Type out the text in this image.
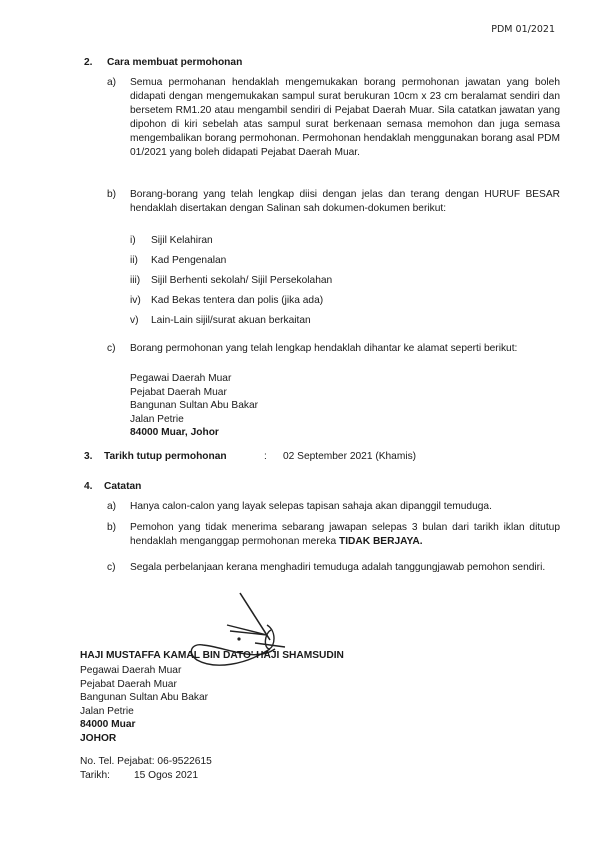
PDM 01/2021
2. Cara membuat permohonan
a) Semua permohanan hendaklah mengemukakan borang permohonan jawatan yang boleh didapati dengan mengemukakan sampul surat berukuran 10cm x 23 cm beralamat sendiri dan bersetem RM1.20 atau mengambil sendiri di Pejabat Daerah Muar. Sila catatkan jawatan yang dipohon di kiri sebelah atas sampul surat berkenaan semasa memohon dan juga semasa mengembalikan borang permohonan. Permohonan hendaklah menggunakan borang asal PDM 01/2021 yang boleh didapati Pejabat Daerah Muar.
b) Borang-borang yang telah lengkap diisi dengan jelas dan terang dengan HURUF BESAR hendaklah disertakan dengan Salinan sah dokumen-dokumen berikut:
i) Sijil Kelahiran
ii) Kad Pengenalan
iii) Sijil Berhenti sekolah/ Sijil Persekolahan
iv) Kad Bekas tentera dan polis (jika ada)
v) Lain-Lain sijil/surat akuan berkaitan
c) Borang permohonan yang telah lengkap hendaklah dihantar ke alamat seperti berikut:
Pegawai Daerah Muar
Pejabat Daerah Muar
Bangunan Sultan Abu Bakar
Jalan Petrie
84000 Muar, Johor
3. Tarikh tutup permohonan	: 02 September 2021 (Khamis)
4. Catatan
a) Hanya calon-calon yang layak selepas tapisan sahaja akan dipanggil temuduga.
b) Pemohon yang tidak menerima sebarang jawapan selepas 3 bulan dari tarikh iklan ditutup hendaklah menganggap permohonan mereka TIDAK BERJAYA.
c) Segala perbelanjaan kerana menghadiri temuduga adalah tanggungjawab pemohon sendiri.
HAJI MUSTAFFA KAMAL BIN DATO' HAJI SHAMSUDIN
Pegawai Daerah Muar
Pejabat Daerah Muar
Bangunan Sultan Abu Bakar
Jalan Petrie
84000 Muar
JOHOR
No. Tel. Pejabat: 06-9522615
Tarikh: 15 Ogos 2021
